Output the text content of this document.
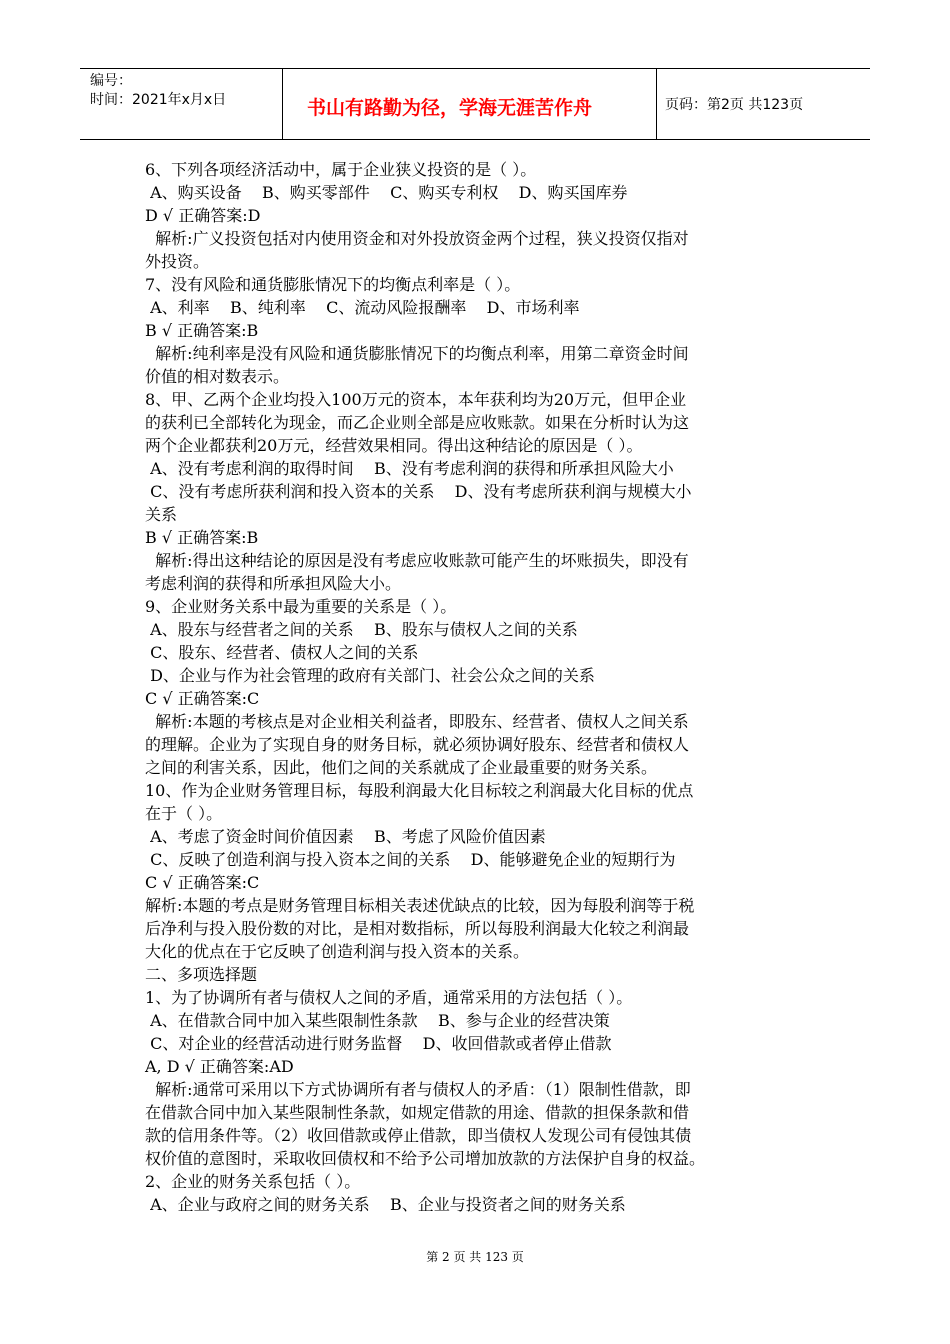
编号：
时间：2021年x月x日	书山有路勤为径，学海无涯苦作舟	页码：第2页 共123页

6、下列各项经济活动中，属于企业狭义投资的是（ ）。

A、购买设备    B、购买零部件    C、购买专利权    D、购买国库券

D √ 正确答案:D

解析:广义投资包括对内使用资金和对外投放资金两个过程，狭义投资仅指对

外投资。

7、没有风险和通货膨胀情况下的均衡点利率是（ ）。

A、利率    B、纯利率    C、流动风险报酬率    D、市场利率

B √ 正确答案:B

解析:纯利率是没有风险和通货膨胀情况下的均衡点利率，用第二章资金时间

价值的相对数表示。

8、甲、乙两个企业均投入100万元的资本，本年获利均为20万元，但甲企业

的获利已全部转化为现金，而乙企业则全部是应收账款。如果在分析时认为这

两个企业都获利20万元，经营效果相同。得出这种结论的原因是（ ）。

A、没有考虑利润的取得时间    B、没有考虑利润的获得和所承担风险大小

C、没有考虑所获利润和投入资本的关系    D、没有考虑所获利润与规模大小

关系

B √ 正确答案:B

解析:得出这种结论的原因是没有考虑应收账款可能产生的坏账损失，即没有

考虑利润的获得和所承担风险大小。

9、企业财务关系中最为重要的关系是（ ）。

A、股东与经营者之间的关系    B、股东与债权人之间的关系

C、股东、经营者、债权人之间的关系

D、企业与作为社会管理的政府有关部门、社会公众之间的关系

C √ 正确答案:C

解析:本题的考核点是对企业相关利益者，即股东、经营者、债权人之间关系

的理解。企业为了实现自身的财务目标，就必须协调好股东、经营者和债权人

之间的利害关系，因此，他们之间的关系就成了企业最重要的财务关系。

10、作为企业财务管理目标，每股利润最大化目标较之利润最大化目标的优点

在于（ ）。

A、考虑了资金时间价值因素    B、考虑了风险价值因素

C、反映了创造利润与投入资本之间的关系    D、能够避免企业的短期行为

C √ 正确答案:C

解析:本题的考点是财务管理目标相关表述优缺点的比较，因为每股利润等于税

后净利与投入股份数的对比，是相对数指标，所以每股利润最大化较之利润最

大化的优点在于它反映了创造利润与投入资本的关系。

二、多项选择题

1、为了协调所有者与债权人之间的矛盾，通常采用的方法包括（ ）。

A、在借款合同中加入某些限制性条款    B、参与企业的经营决策

C、对企业的经营活动进行财务监督    D、收回借款或者停止借款

A, D √ 正确答案:AD

解析:通常可采用以下方式协调所有者与债权人的矛盾：（1）限制性借款，即

在借款合同中加入某些限制性条款，如规定借款的用途、借款的担保条款和借

款的信用条件等。（2）收回借款或停止借款，即当债权人发现公司有侵蚀其债

权价值的意图时，采取收回债权和不给予公司增加放款的方法保护自身的权益。

2、企业的财务关系包括（ ）。

A、企业与政府之间的财务关系    B、企业与投资者之间的财务关系

第 2 页 共 123 页
